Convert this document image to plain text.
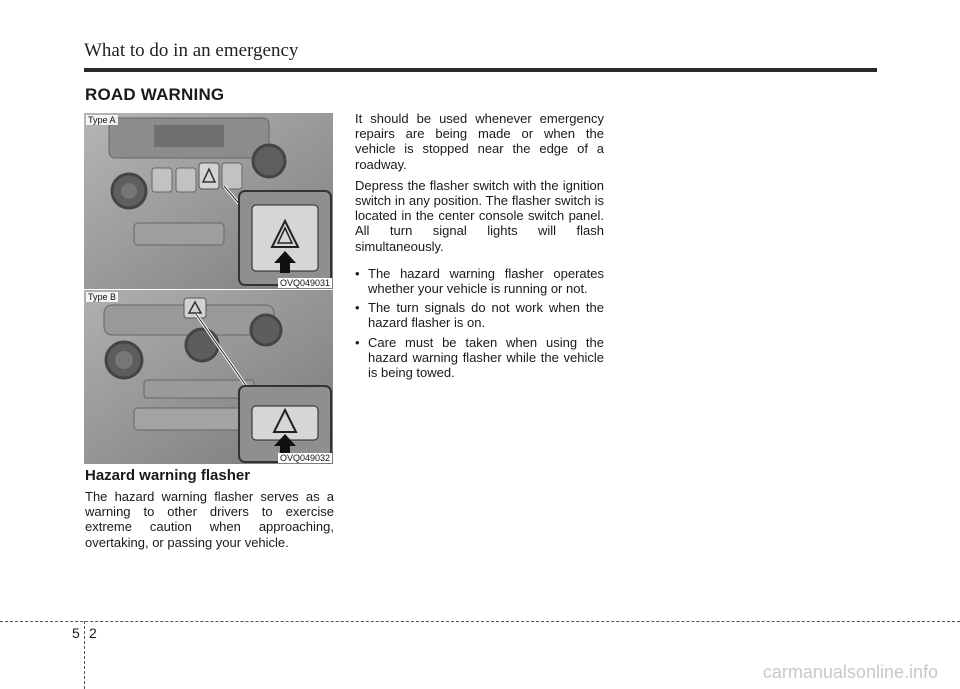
What to do in an emergency
ROAD WARNING
Type A
OVQ049031
Type B
OVQ049032
Hazard warning flasher
The hazard warning flasher serves as a warning to other drivers to exercise extreme caution when approaching, overtaking, or passing your vehicle.

It should be used whenever emergency repairs are being made or when the vehicle is stopped near the edge of a roadway.

Depress the flasher switch with the ignition switch in any position. The flasher switch is located in the center console switch panel. All turn signal lights will flash simultaneously.

• The hazard warning flasher operates whether your vehicle is running or not.
• The turn signals do not work when the hazard flasher is on.
• Care must be taken when using the hazard warning flasher while the vehicle is being towed.
5 2
carmanualsonline.info
